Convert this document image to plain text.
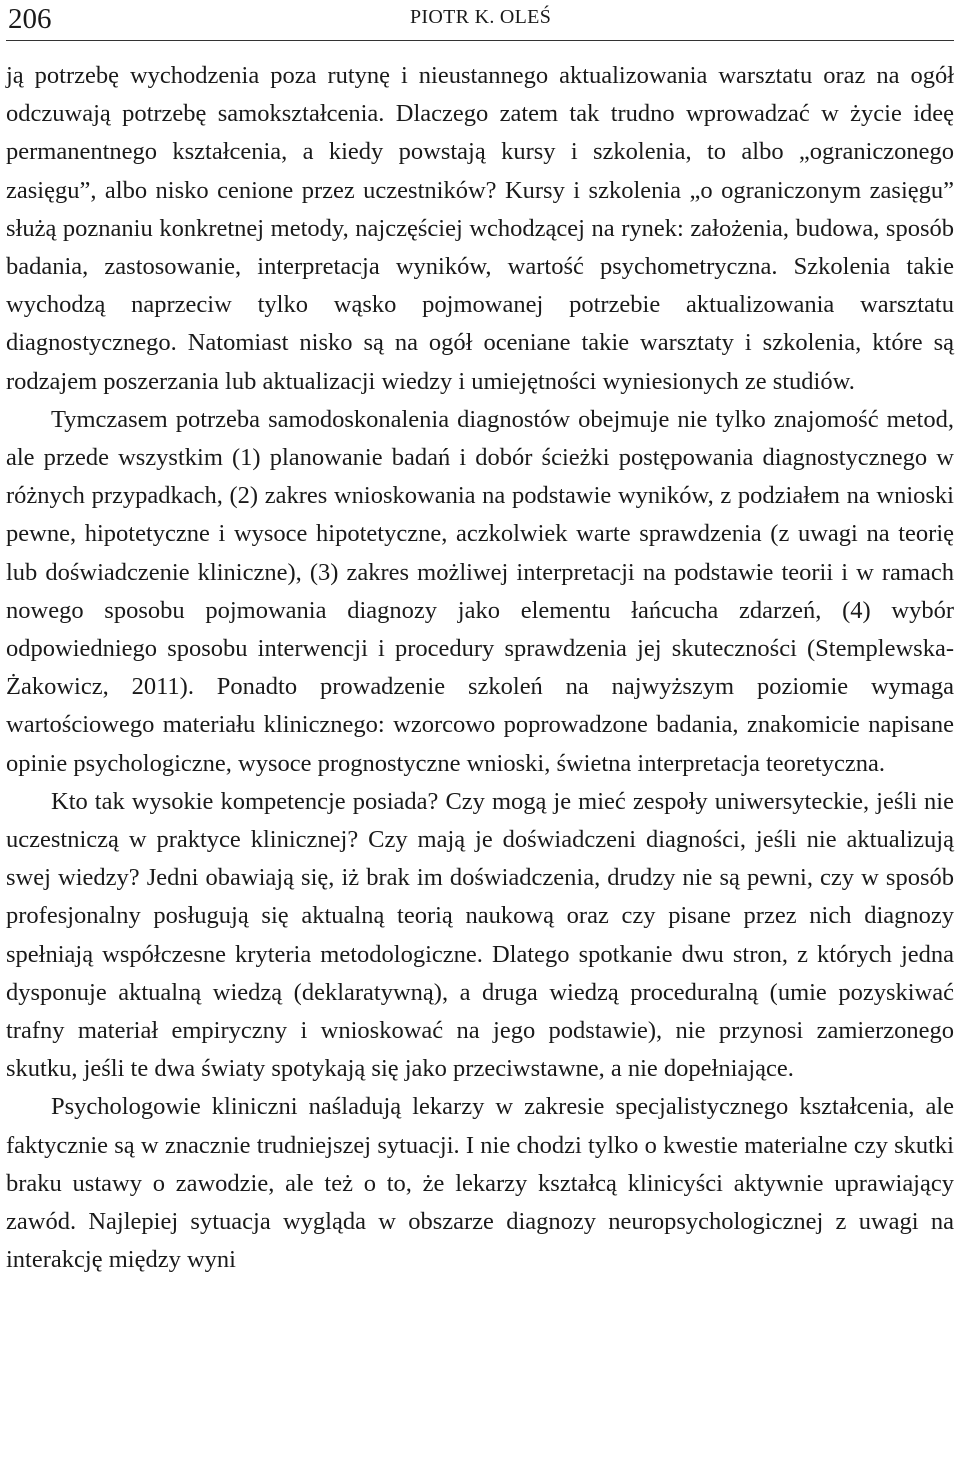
206	PIOTR K. OLEŚ

ją potrzebę wychodzenia poza rutynę i nieustannego aktualizowania warsztatu oraz na ogół odczuwają potrzebę samokształcenia. Dlaczego zatem tak trudno wprowadzać w życie ideę permanentnego kształcenia, a kiedy powstają kursy i szkolenia, to albo „ograniczonego zasięgu”, albo nisko cenione przez uczestników? Kursy i szkolenia „o ograniczonym zasięgu” służą poznaniu konkretnej metody, najczęściej wchodzącej na rynek: założenia, budowa, sposób badania, zastosowanie, interpretacja wyników, wartość psychometryczna. Szkolenia takie wychodzą naprzeciw tylko wąsko pojmowanej potrzebie aktualizowania warsztatu diagnostycznego. Natomiast nisko są na ogół oceniane takie warsztaty i szkolenia, które są rodzajem poszerzania lub aktualizacji wiedzy i umiejętności wyniesionych ze studiów.

Tymczasem potrzeba samodoskonalenia diagnostów obejmuje nie tylko znajomość metod, ale przede wszystkim (1) planowanie badań i dobór ścieżki postępowania diagnostycznego w różnych przypadkach, (2) zakres wnioskowania na podstawie wyników, z podziałem na wnioski pewne, hipotetyczne i wysoce hipotetyczne, aczkolwiek warte sprawdzenia (z uwagi na teorię lub doświadczenie kliniczne), (3) zakres możliwej interpretacji na podstawie teorii i w ramach nowego sposobu pojmowania diagnozy jako elementu łańcucha zdarzeń, (4) wybór odpowiedniego sposobu interwencji i procedury sprawdzenia jej skuteczności (Stemplewska-Żakowicz, 2011). Ponadto prowadzenie szkoleń na najwyższym poziomie wymaga wartościowego materiału klinicznego: wzorcowo poprowadzone badania, znakomicie napisane opinie psychologiczne, wysoce prognostyczne wnioski, świetna interpretacja teoretyczna.

Kto tak wysokie kompetencje posiada? Czy mogą je mieć zespoły uniwersyteckie, jeśli nie uczestniczą w praktyce klinicznej? Czy mają je doświadczeni diagności, jeśli nie aktualizują swej wiedzy? Jedni obawiają się, iż brak im doświadczenia, drudzy nie są pewni, czy w sposób profesjonalny posługują się aktualną teorią naukową oraz czy pisane przez nich diagnozy spełniają współczesne kryteria metodologiczne. Dlatego spotkanie dwu stron, z których jedna dysponuje aktualną wiedzą (deklaratywną), a druga wiedzą proceduralną (umie pozyskiwać trafny materiał empiryczny i wnioskować na jego podstawie), nie przynosi zamierzonego skutku, jeśli te dwa światy spotykają się jako przeciwstawne, a nie dopełniające.

Psychologowie kliniczni naśladują lekarzy w zakresie specjalistycznego kształcenia, ale faktycznie są w znacznie trudniejszej sytuacji. I nie chodzi tylko o kwestie materialne czy skutki braku ustawy o zawodzie, ale też o to, że lekarzy kształcą klinicyści aktywnie uprawiający zawód. Najlepiej sytuacja wygląda w obszarze diagnozy neuropsychologicznej z uwagi na interakcję między wyni
